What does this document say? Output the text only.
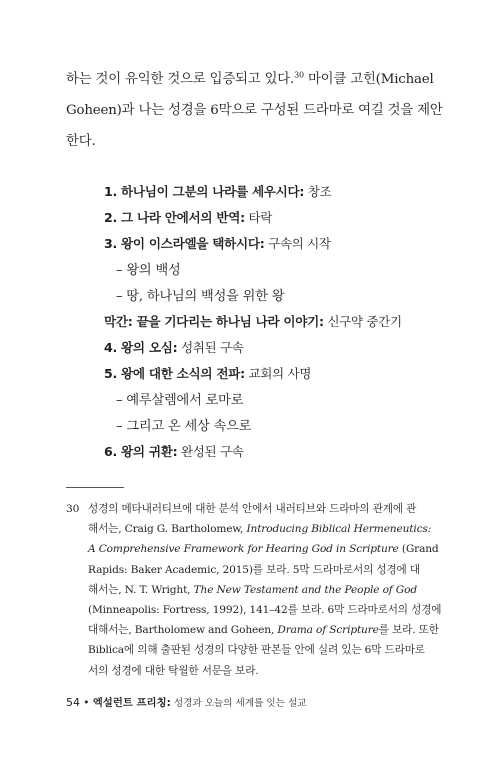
하는 것이 유익한 것으로 입증되고 있다.$^{30}$ 마이클 고힌(Michael

Goheen)과 나는 성경을 6막으로 구성된 드라마로 여길 것을 제안

한다.

1. 하나님이 그분의 나라를 세우시다: 창조
2. 그 나라 안에서의 반역: 타락
3. 왕이 이스라엘을 택하시다: 구속의 시작
– 왕의 백성
– 땅, 하나님의 백성을 위한 왕
막간: 끝을 기다리는 하나님 나라 이야기: 신구약 중간기
4. 왕의 오심: 성취된 구속
5. 왕에 대한 소식의 전파: 교회의 사명
– 예루살렘에서 로마로
– 그리고 온 세상 속으로
6. 왕의 귀환: 완성된 구속
30 성경의 메타내러티브에 대한 분석 안에서 내러티브와 드라마의 관계에 관
해서는, Craig G. Bartholomew, Introducing Biblical Hermeneutics:
A Comprehensive Framework for Hearing God in Scripture (Grand
Rapids: Baker Academic, 2015)를 보라. 5막 드라마로서의 성경에 대
해서는, N. T. Wright, The New Testament and the People of God
(Minneapolis: Fortress, 1992), 141–42를 보라. 6막 드라마로서의 성경에
대해서는, Bartholomew and Goheen, Drama of Scripture를 보라. 또한
Biblica에 의해 출판된 성경의 다양한 판본들 안에 실려 있는 6막 드라마로
서의 성경에 대한 탁월한 서문을 보라.
54 • 엑설런트 프리칭: 성경과 오늘의 세계를 잇는 설교
